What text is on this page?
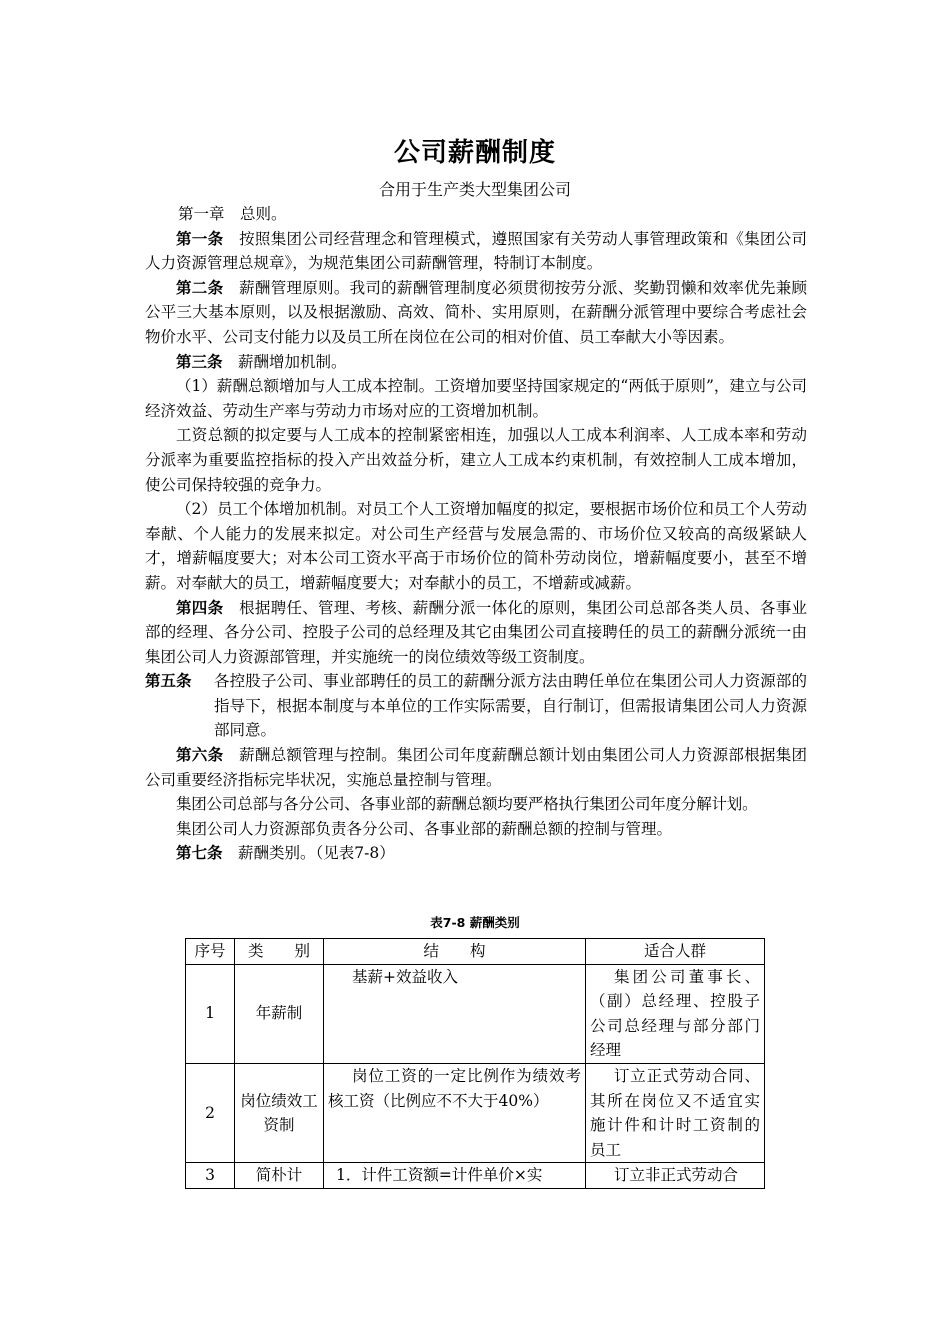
公司薪酬制度

合用于生产类大型集团公司

第一章　总则。

第一条　按照集团公司经营理念和管理模式，遵照国家有关劳动人事管理政策和《集团公司人力资源管理总规章》，为规范集团公司薪酬管理，特制订本制度。

第二条　薪酬管理原则。我司的薪酬管理制度必须贯彻按劳分派、奖勤罚懒和效率优先兼顾公平三大基本原则，以及根据激励、高效、简朴、实用原则，在薪酬分派管理中要综合考虑社会物价水平、公司支付能力以及员工所在岗位在公司的相对价值、员工奉献大小等因素。

第三条　薪酬增加机制。

（1）薪酬总额增加与人工成本控制。工资增加要坚持国家规定的“两低于原则”，建立与公司经济效益、劳动生产率与劳动力市场对应的工资增加机制。

工资总额的拟定要与人工成本的控制紧密相连，加强以人工成本利润率、人工成本率和劳动分派率为重要监控指标的投入产出效益分析，建立人工成本约束机制，有效控制人工成本增加，使公司保持较强的竞争力。

（2）员工个体增加机制。对员工个人工资增加幅度的拟定，要根据市场价位和员工个人劳动奉献、个人能力的发展来拟定。对公司生产经营与发展急需的、市场价位又较高的高级紧缺人才，增薪幅度要大；对本公司工资水平高于市场价位的简朴劳动岗位，增薪幅度要小，甚至不增薪。对奉献大的员工，增薪幅度要大；对奉献小的员工，不增薪或减薪。

第四条　根据聘任、管理、考核、薪酬分派一体化的原则，集团公司总部各类人员、各事业部的经理、各分公司、控股子公司的总经理及其它由集团公司直接聘任的员工的薪酬分派统一由集团公司人力资源部管理，并实施统一的岗位绩效等级工资制度。

第五条 各控股子公司、事业部聘任的员工的薪酬分派方法由聘任单位在集团公司人力资源部的指导下，根据本制度与本单位的工作实际需要，自行制订，但需报请集团公司人力资源部同意。

第六条　薪酬总额管理与控制。集团公司年度薪酬总额计划由集团公司人力资源部根据集团公司重要经济指标完毕状况，实施总量控制与管理。

集团公司总部与各分公司、各事业部的薪酬总额均要严格执行集团公司年度分解计划。

集团公司人力资源部负责各分公司、各事业部的薪酬总额的控制与管理。

第七条　薪酬类别。（见表7-8）

表7-8 薪酬类别
序号	类　　别	结　　构	适合人群
1	年薪制	基薪+效益收入	集团公司董事长、（副）总经理、控股子公司总经理与部分部门经理
2	岗位绩效工资制	岗位工资的一定比例作为绩效考核工资（比例应不不大于40%）	订立正式劳动合同、其所在岗位又不适宜实施计件和计时工资制的员工
3	简朴计	1．计件工资额=计件单价×实	订立非正式劳动合
